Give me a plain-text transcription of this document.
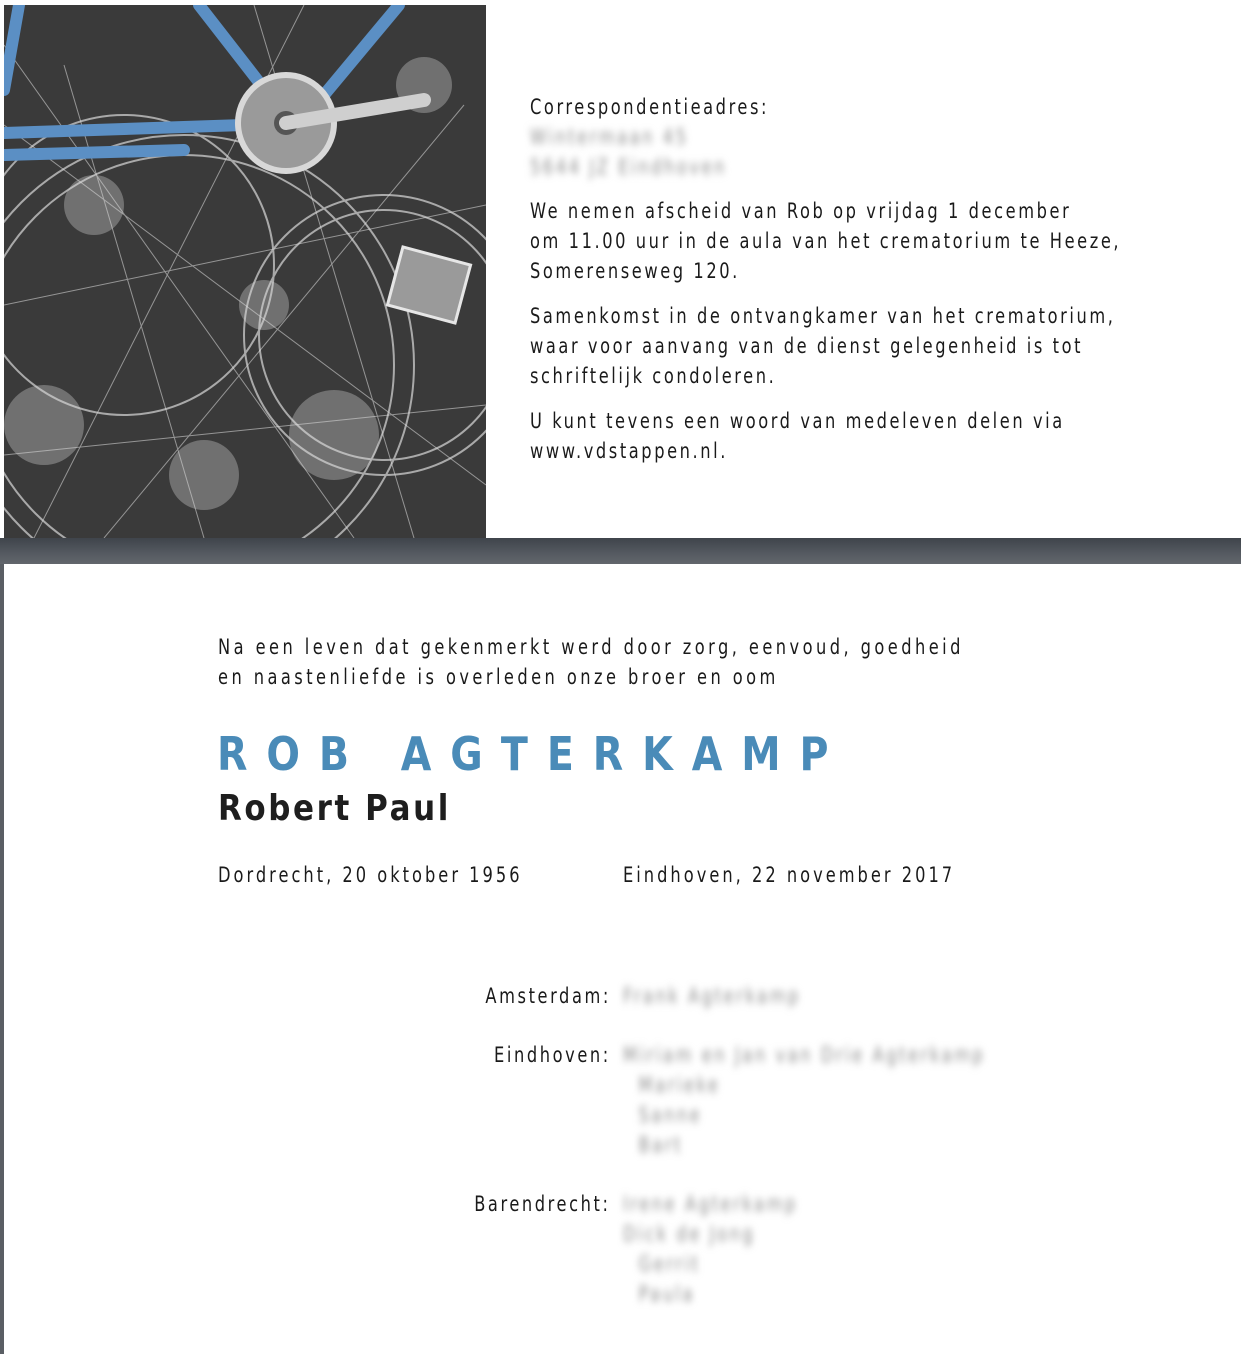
Correspondentieadres:
Wintermaan 45
5644 JZ Eindhoven
We nemen afscheid van Rob op vrijdag 1 december
om 11.00 uur in de aula van het crematorium te Heeze,
Somerenseweg 120.
Samenkomst in de ontvangkamer van het crematorium,
waar voor aanvang van de dienst gelegenheid is tot
schriftelijk condoleren.
U kunt tevens een woord van medeleven delen via
www.vdstappen.nl.
Na een leven dat gekenmerkt werd door zorg, eenvoud, goedheid
en naastenliefde is overleden onze broer en oom
ROB AGTERKAMP
Robert Paul
Dordrecht, 20 oktober 1956	Eindhoven, 22 november 2017
Amsterdam: Frank Agterkamp
Eindhoven: Miriam en Jan van Drie Agterkamp
Marieke
Sanne
Bart
Barendrecht: Irene Agterkamp
Dick de Jong
Gerrit
Paula
